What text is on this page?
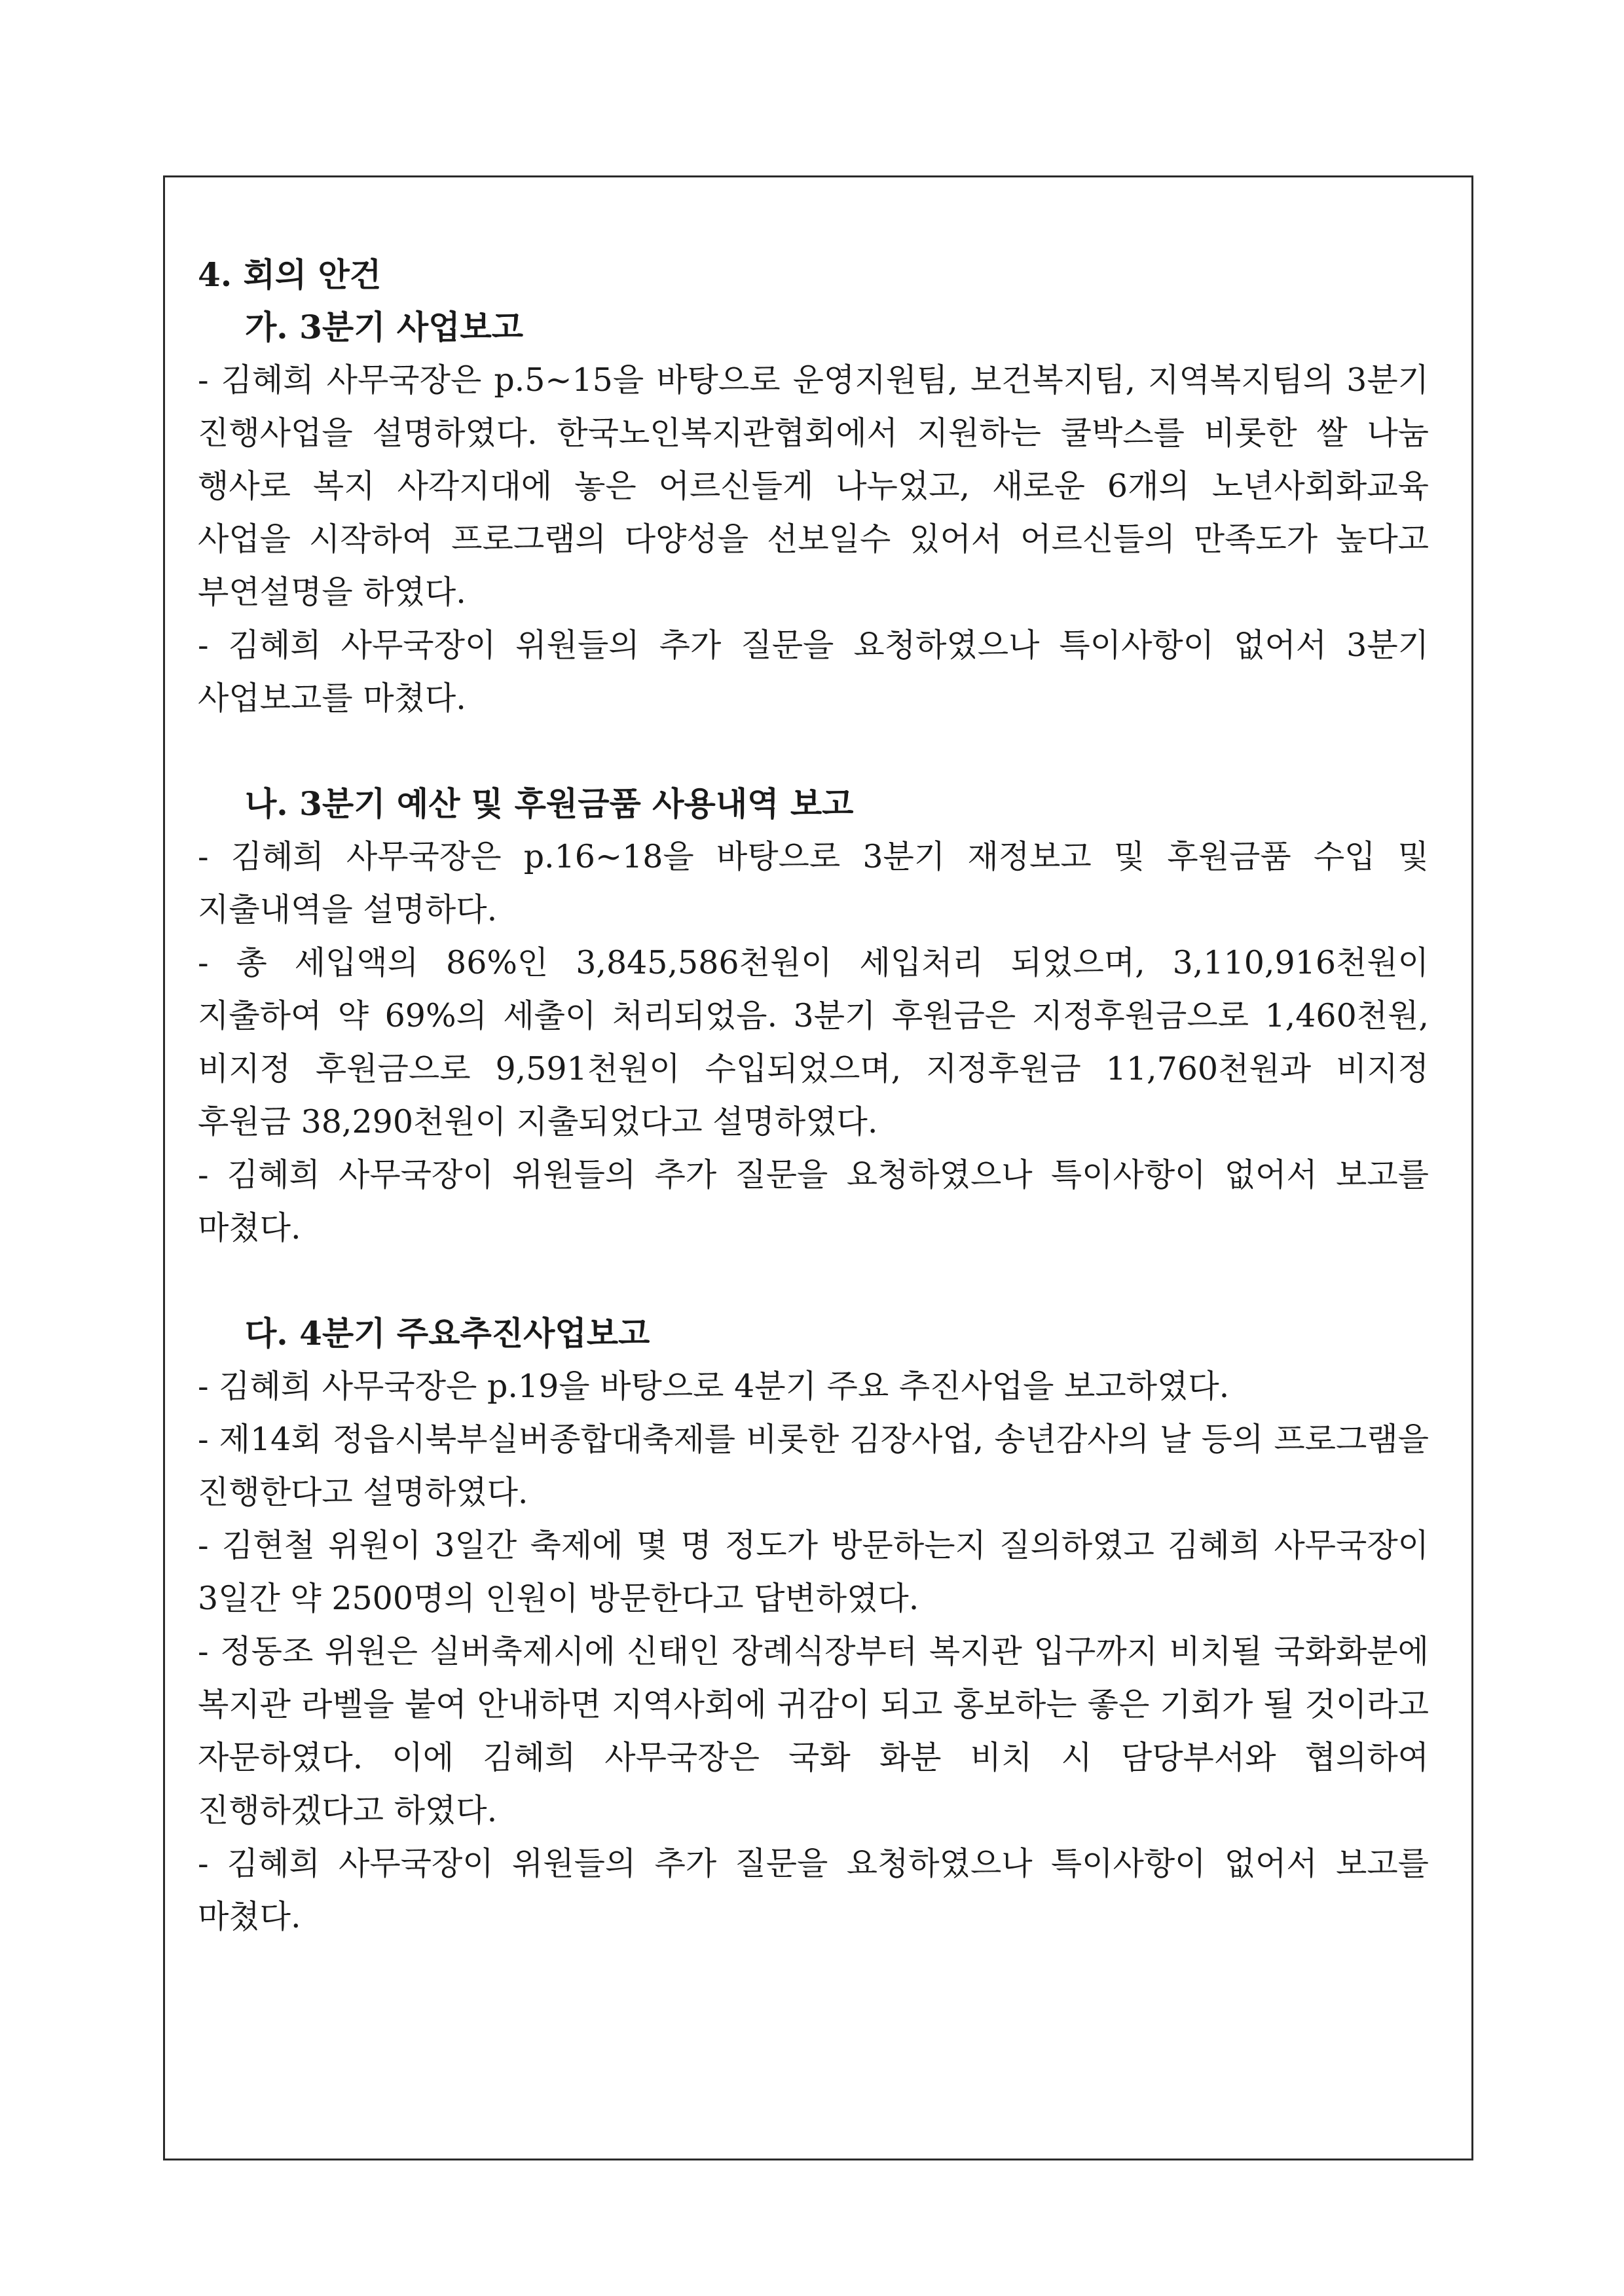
4. 회의 안건

가. 3분기 사업보고

- 김혜희 사무국장은 p.5~15을 바탕으로 운영지원팀, 보건복지팀, 지역복지팀의 3분기 진행사업을 설명하였다. 한국노인복지관협회에서 지원하는 쿨박스를 비롯한 쌀 나눔 행사로 복지 사각지대에 놓은 어르신들게 나누었고, 새로운 6개의 노년사회화교육 사업을 시작하여 프로그램의 다양성을 선보일수 있어서 어르신들의 만족도가 높다고 부연설명을 하였다.

- 김혜희 사무국장이 위원들의 추가 질문을 요청하였으나 특이사항이 없어서 3분기 사업보고를 마쳤다.

나. 3분기 예산 및 후원금품 사용내역 보고

- 김혜희 사무국장은 p.16~18을 바탕으로 3분기 재정보고 및 후원금품 수입 및 지출내역을 설명하다.

- 총 세입액의 86%인 3,845,586천원이 세입처리 되었으며, 3,110,916천원이 지출하여 약 69%의 세출이 처리되었음. 3분기 후원금은 지정후원금으로 1,460천원, 비지정 후원금으로 9,591천원이 수입되었으며, 지정후원금 11,760천원과 비지정 후원금 38,290천원이 지출되었다고 설명하였다.

- 김혜희 사무국장이 위원들의 추가 질문을 요청하였으나 특이사항이 없어서 보고를 마쳤다.

다. 4분기 주요추진사업보고

- 김혜희 사무국장은 p.19을 바탕으로 4분기 주요 추진사업을 보고하였다.

- 제14회 정읍시북부실버종합대축제를 비롯한 김장사업, 송년감사의 날 등의 프로그램을 진행한다고 설명하였다.

- 김현철 위원이 3일간 축제에 몇 명 정도가 방문하는지 질의하였고 김혜희 사무국장이 3일간 약 2500명의 인원이 방문한다고 답변하였다.

- 정동조 위원은 실버축제시에 신태인 장례식장부터 복지관 입구까지 비치될 국화화분에 복지관 라벨을 붙여 안내하면 지역사회에 귀감이 되고 홍보하는 좋은 기회가 될 것이라고 자문하였다. 이에 김혜희 사무국장은 국화 화분 비치 시 담당부서와 협의하여 진행하겠다고 하였다.

- 김혜희 사무국장이 위원들의 추가 질문을 요청하였으나 특이사항이 없어서 보고를 마쳤다.
